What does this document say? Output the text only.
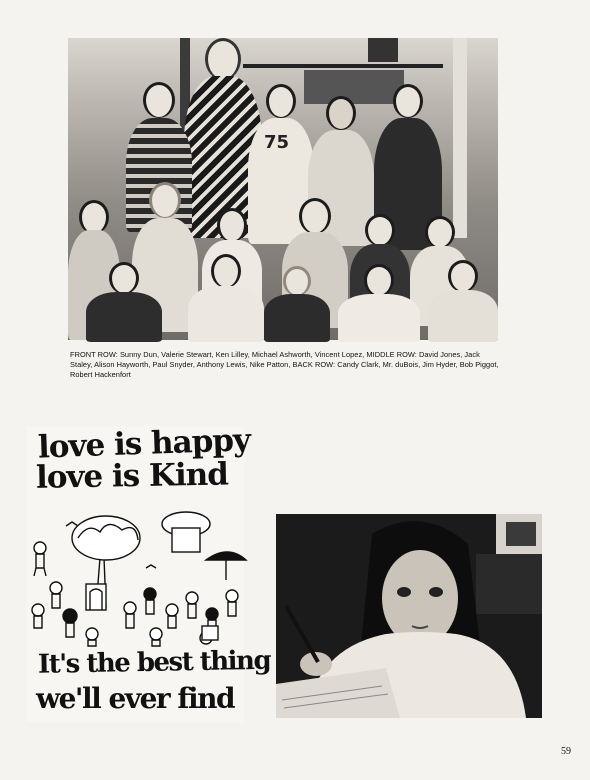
75

FRONT ROW: Sunny Dun, Valerie Stewart, Ken Lilley, Michael Ashworth, Vincent Lopez, MIDDLE ROW: David Jones, Jack Staley, Alison Hayworth, Paul Snyder, Anthony Lewis, Nike Patton, BACK ROW: Candy Clark, Mr. duBois, Jim Hyder, Bob Piggot, Robert Hackenfort

love is happy
love is Kind
It's the best thing
we'll ever find
59
